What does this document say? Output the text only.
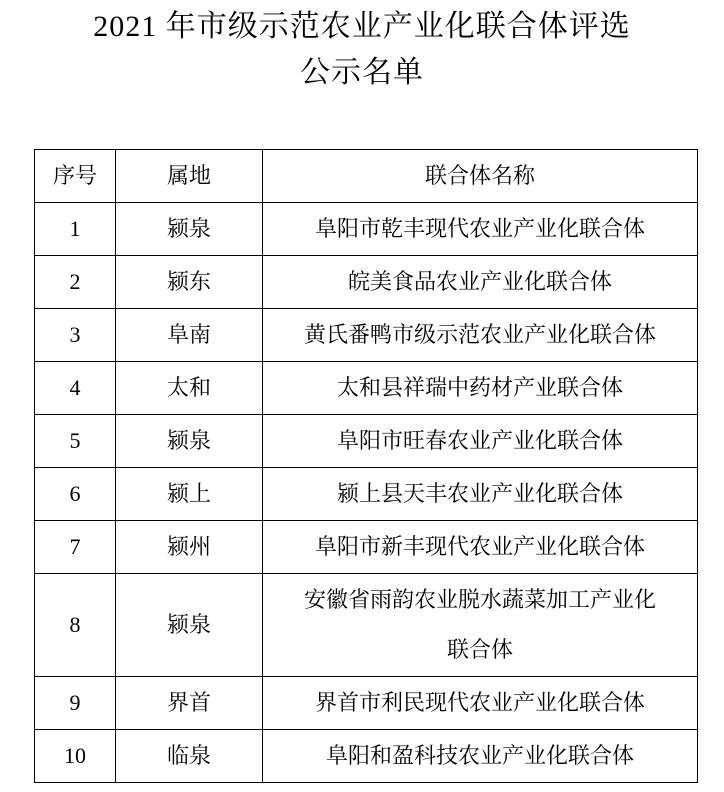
2021 年市级示范农业产业化联合体评选
公示名单
序号	属地	联合体名称
1	颍泉	阜阳市乾丰现代农业产业化联合体
2	颍东	皖美食品农业产业化联合体
3	阜南	黄氏番鸭市级示范农业产业化联合体
4	太和	太和县祥瑞中药材产业联合体
5	颍泉	阜阳市旺春农业产业化联合体
6	颍上	颍上县天丰农业产业化联合体
7	颍州	阜阳市新丰现代农业产业化联合体
8	颍泉	安徽省雨韵农业脱水蔬菜加工产业化联合体
9	界首	界首市利民现代农业产业化联合体
10	临泉	阜阳和盈科技农业产业化联合体
